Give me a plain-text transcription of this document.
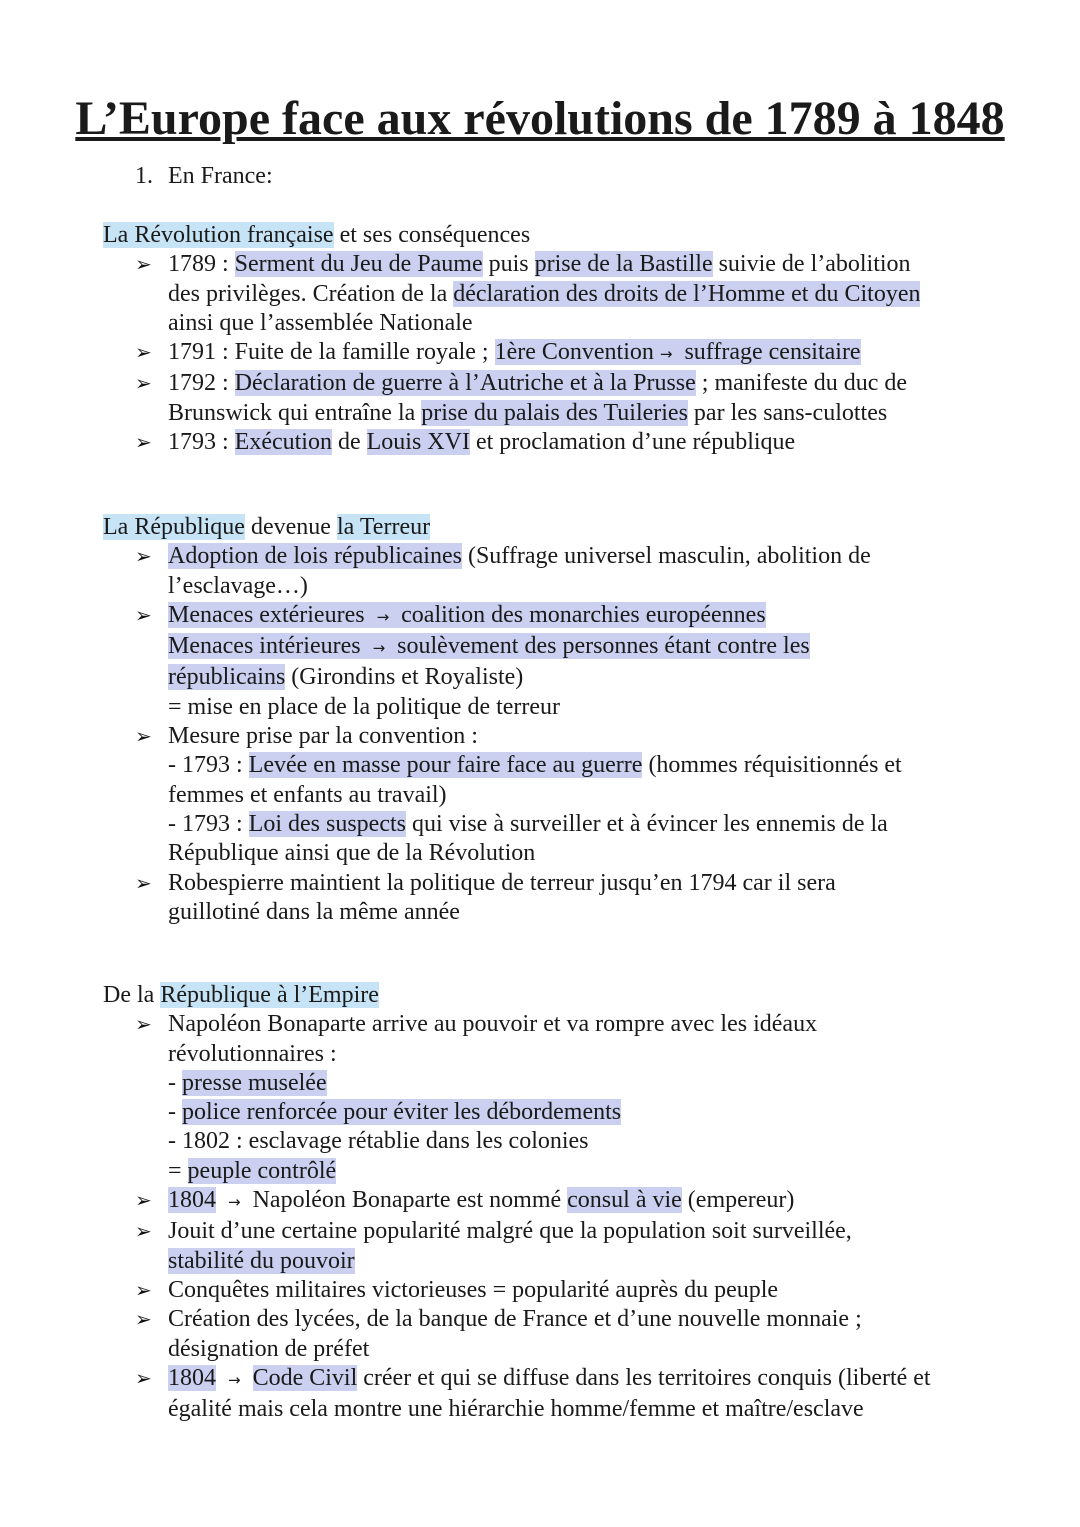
L’Europe face aux révolutions de 1789 à 1848

1. En France:

La Révolution française et ses conséquences
➢ 1789 : Serment du Jeu de Paume puis prise de la Bastille suivie de l’abolition
des privilèges. Création de la déclaration des droits de l’Homme et du Citoyen
ainsi que l’assemblée Nationale
➢ 1791 : Fuite de la famille royale ; 1ère Convention → suffrage censitaire
➢ 1792 : Déclaration de guerre à l’Autriche et à la Prusse ; manifeste du duc de
Brunswick qui entraîne la prise du palais des Tuileries par les sans-culottes
➢ 1793 : Exécution de Louis XVI et proclamation d’une république
La République devenue la Terreur
➢ Adoption de lois républicaines (Suffrage universel masculin, abolition de
l’esclavage…)
➢ Menaces extérieures → coalition des monarchies européennes
Menaces intérieures → soulèvement des personnes étant contre les
républicains (Girondins et Royaliste)
= mise en place de la politique de terreur
➢ Mesure prise par la convention :
- 1793 : Levée en masse pour faire face au guerre (hommes réquisitionnés et
femmes et enfants au travail)
- 1793 : Loi des suspects qui vise à surveiller et à évincer les ennemis de la
République ainsi que de la Révolution
➢ Robespierre maintient la politique de terreur jusqu’en 1794 car il sera
guillotiné dans la même année
De la République à l’Empire
➢ Napoléon Bonaparte arrive au pouvoir et va rompre avec les idéaux
révolutionnaires :
- presse muselée
- police renforcée pour éviter les débordements
- 1802 : esclavage rétablie dans les colonies
= peuple contrôlé
➢ 1804 → Napoléon Bonaparte est nommé consul à vie (empereur)
➢ Jouit d’une certaine popularité malgré que la population soit surveillée,
stabilité du pouvoir
➢ Conquêtes militaires victorieuses = popularité auprès du peuple
➢ Création des lycées, de la banque de France et d’une nouvelle monnaie ;
désignation de préfet
➢ 1804 → Code Civil créer et qui se diffuse dans les territoires conquis (liberté et
égalité mais cela montre une hiérarchie homme/femme et maître/esclave
